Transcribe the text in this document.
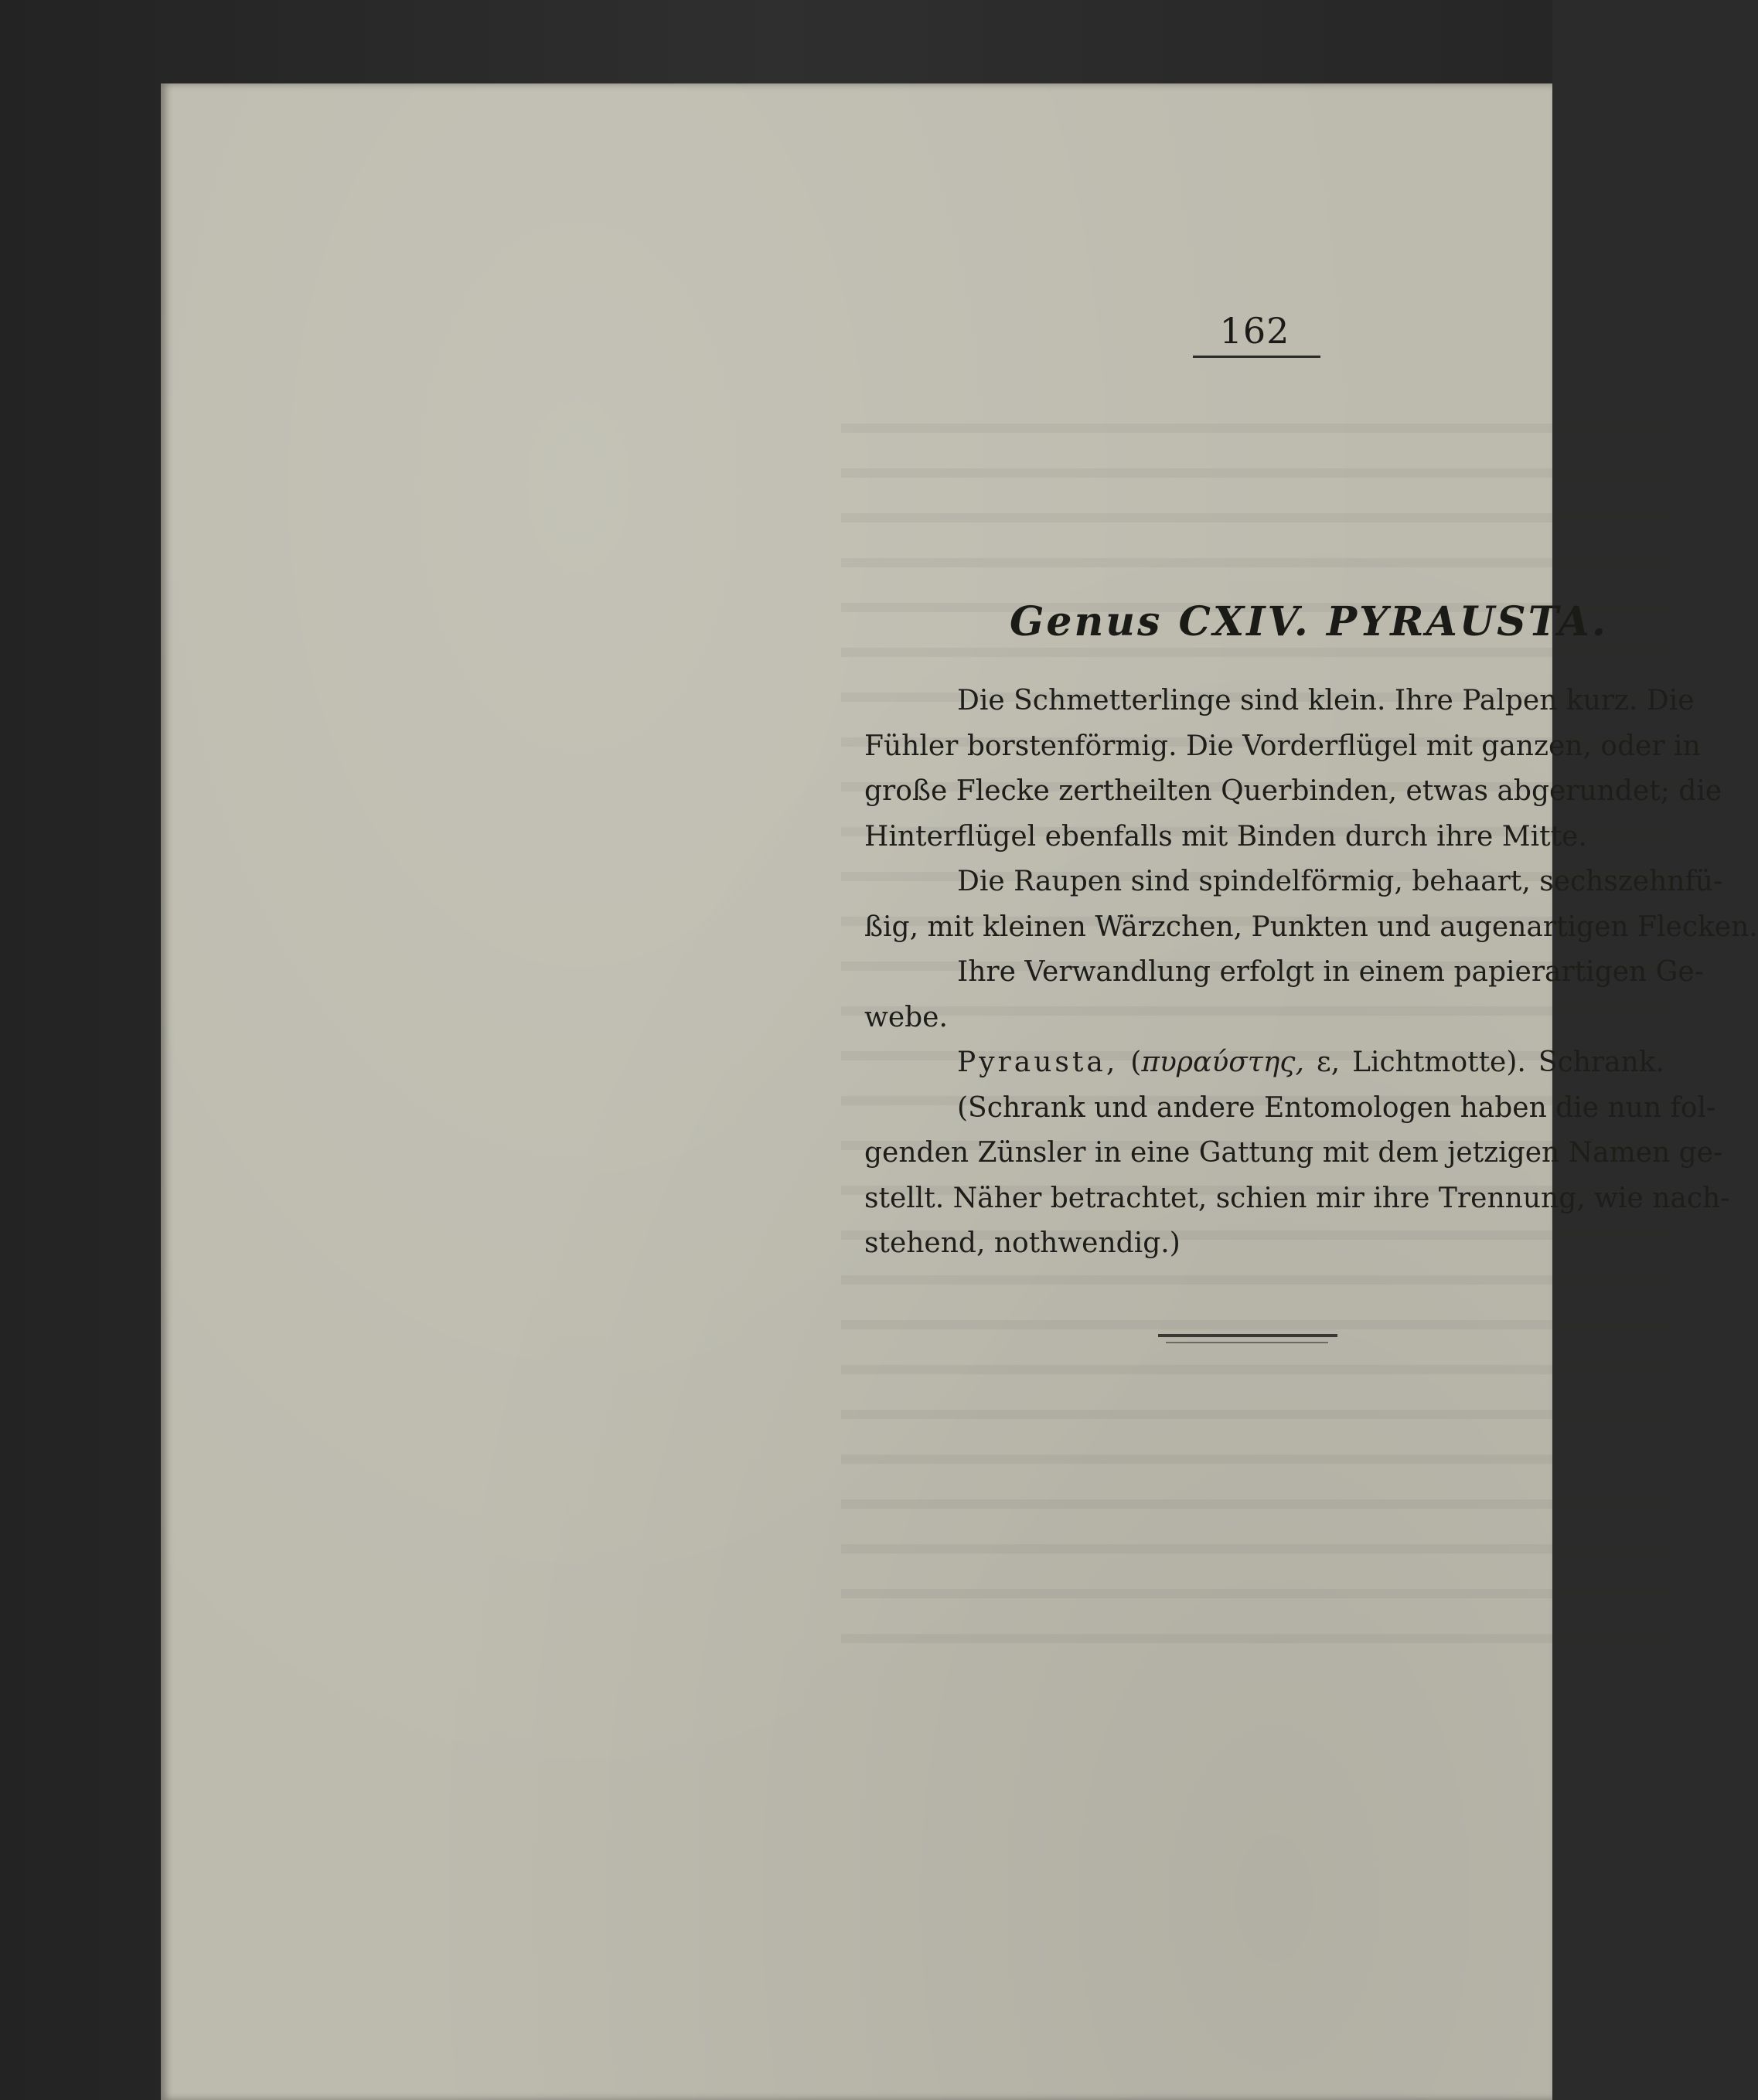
162
Genus CXIV. PYRAUSTA.
Die Schmetterlinge sind klein. Ihre Palpen kurz. Die
Fühler borstenförmig. Die Vorderflügel mit ganzen, oder in
große Flecke zertheilten Querbinden, etwas abgerundet; die
Hinterflügel ebenfalls mit Binden durch ihre Mitte.
Die Raupen sind spindelförmig, behaart, sechszehnfü-
ßig, mit kleinen Wärzchen, Punkten und augenartigen Flecken.
Ihre Verwandlung erfolgt in einem papierartigen Ge-
webe.
Pyrausta, (πυραύστης, ε, Lichtmotte). Schrank.
(Schrank und andere Entomologen haben die nun fol-
genden Zünsler in eine Gattung mit dem jetzigen Namen ge-
stellt. Näher betrachtet, schien mir ihre Trennung, wie nach-
stehend, nothwendig.)
